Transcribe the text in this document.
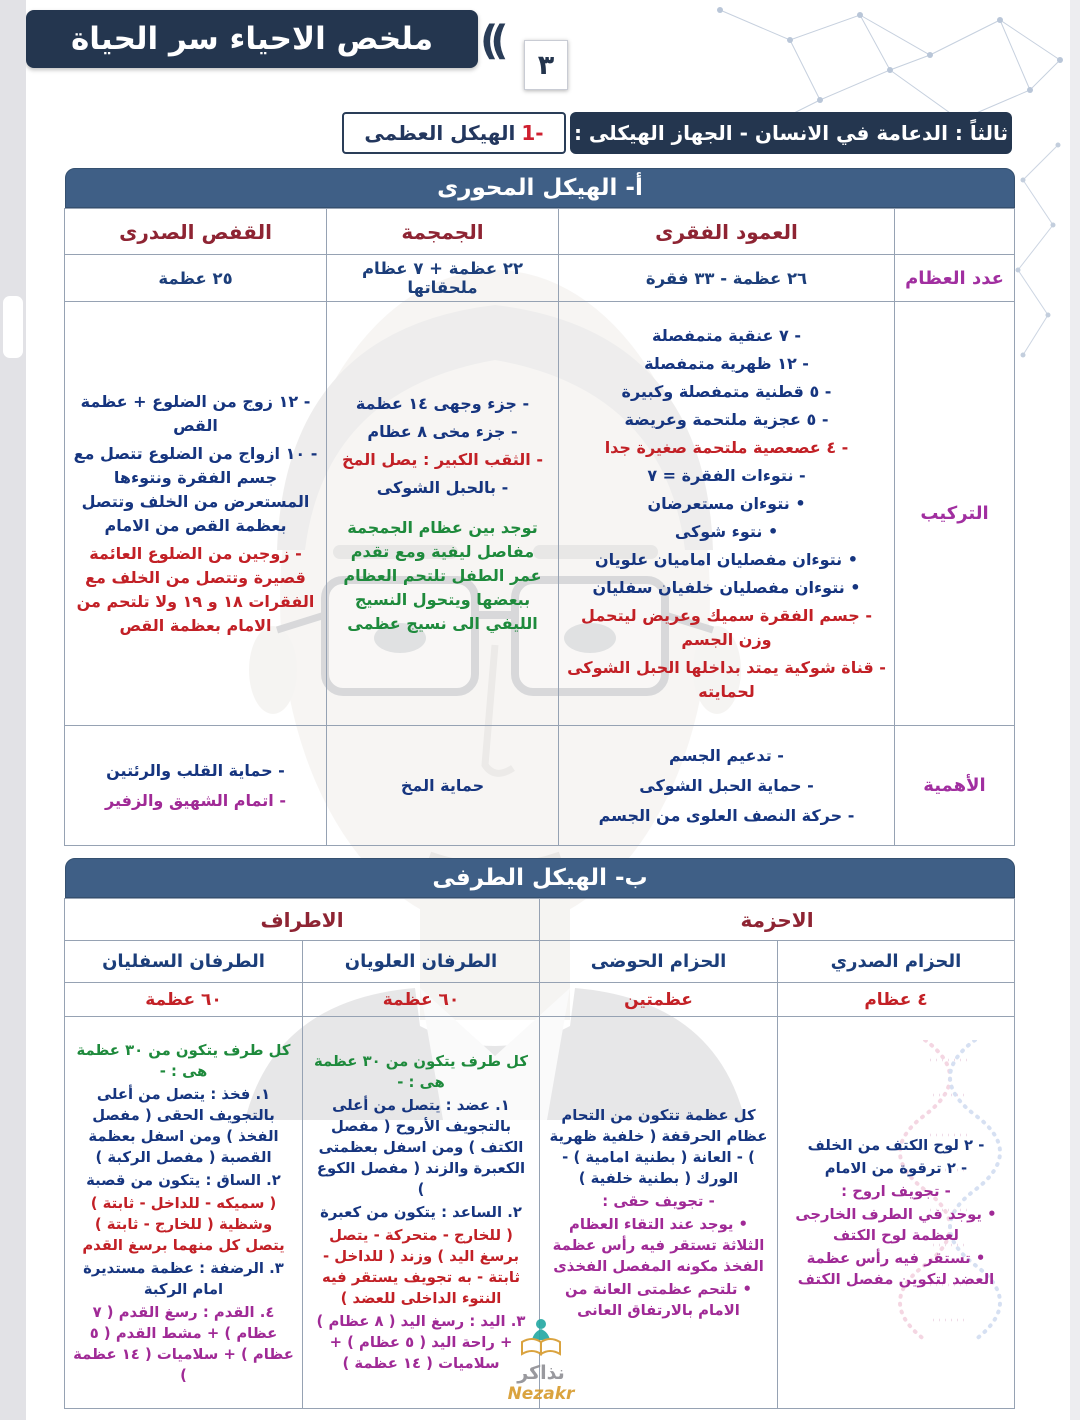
ملخص الاحياء سر الحياة ((
٣
ثالثاً : الدعامة في الانسان - الجهاز الهيكلى :
1-
الهيكل العظمى
أ- الهيكل المحورى
	العمود الفقرى	الجمجمة	القفص الصدرى
عدد العظام	٢٦ عظمة - ٣٣ فقرة	٢٢ عظمة + ٧ عظام ملحقاتها	٢٥ عظمة
التركيب	
- ٧ عنقية متمفصلة
- ١٢ ظهرية متمفصلة
- ٥ قطنية متمفصلة وكبيرة
- ٥ عجزية ملتحمة وعريضة
- ٤ عصعصية ملتحمة صغيرة جدا
- نتوءات الفقرة = ٧
• نتوءان مستعرضان
• نتوء شوكى
• نتوءان مفصليان اماميان علويان
• نتوءان مفصليان خلفيان سفليان
- جسم الفقرة سميك وعريض ليتحمل وزن الجسم
- قناة شوكية يمتد بداخلها الحبل الشوكى لحمايته

- جزء وجهى ١٤ عظمة
- جزء مخى ٨ عظام
- الثقب الكبير : يصل المخ
- بالحبل الشوكى
توجد بين عظام الجمجمة مفاصل ليفية ومع تقدم عمر الطفل تلتحم العظام ببعضها ويتحول النسيج الليفي الى نسيج عظمى

- ١٢ زوج من الضلوع + عظمة القص
- ١٠ ازواج من الضلوع تتصل مع جسم الفقرة ونتوءها المستعرض من الخلف وتتصل بعظمة القص من الامام
- زوجين من الضلوع العائمة قصيرة وتتصل من الخلف مع الفقرات ١٨ و ١٩ ولا تلتحم من الامام بعظمة القص

الأهمية	
- تدعيم الجسم
- حماية الحبل الشوكى
- حركة النصف العلوى من الجسم

حماية المخ

- حماية القلب والرئتين
- اتمام الشهيق والزفير
ب- الهيكل الطرفى
الاحزمة		الاطراف	
الحزام الصدري	الحزام الحوضى	الطرفان العلويان	الطرفان السفليان
٤ عظام	عظمتين	٦٠ عظمة	٦٠ عظمة

- ٢ لوح الكتف من الخلف
- ٢ ترقوة من الامام
- تجويف اروح :
• يوجد في الطرف الخارجى لعظمة لوح الكتف
• تستقر فيه رأس عظمة العضد لتكوين مفصل الكتف

كل عظمة تتكون من التحام عظام الحرقفة ( خلفية ظهرية ) - العانة ( بطنية امامية ) - الورك ( بطنية خلفية )
- تجويف حقى :
• يوجد عند التقاء العظام الثلاثة تستقر فيه رأس عظمة الفخذ مكونه المفصل الفخذى
• تلتحم عظمتى العانة من الامام بالارتفاق العانى

كل طرف يتكون من ٣٠ عظمة هى : -
١. عضد : يتصل من أعلى بالتجويف الأروح ( مفصل الكتف ) ومن اسفل بعظمتى الكعبرة والزند ( مفصل الكوع )
٢. الساعد : يتكون من كعبرة
( للخارج - متحركة - يتصل برسغ اليد ) وزند ( للداخل - ثابتة - به تجويف يستقر فيه النتوء الداخلى للعضد )
٣. اليد : رسغ اليد ( ٨ عظام ) + راحة اليد ( ٥ عظام ) + سلاميات ( ١٤ عظمة )

كل طرف يتكون من ٣٠ عظمة هى : -
١. فخذ : يتصل من أعلى بالتجويف الحقى ( مفصل الفخذ ) ومن اسفل بعظمة القصبة ( مفصل الركبة )
٢. الساق : يتكون من قصبة
( سميكه - للداخل - ثابتة ) وشظية ( للخارج - ثابتة ) يتصل كل منهما برسغ القدم
٣. الرضفة : عظمة مستديرة امام الركبة
٤. القدم : رسغ القدم ( ٧ عظام ) + مشط القدم ( ٥ عظام ) + سلاميات ( ١٤ عظمة )	نذاكر
Nezakr
